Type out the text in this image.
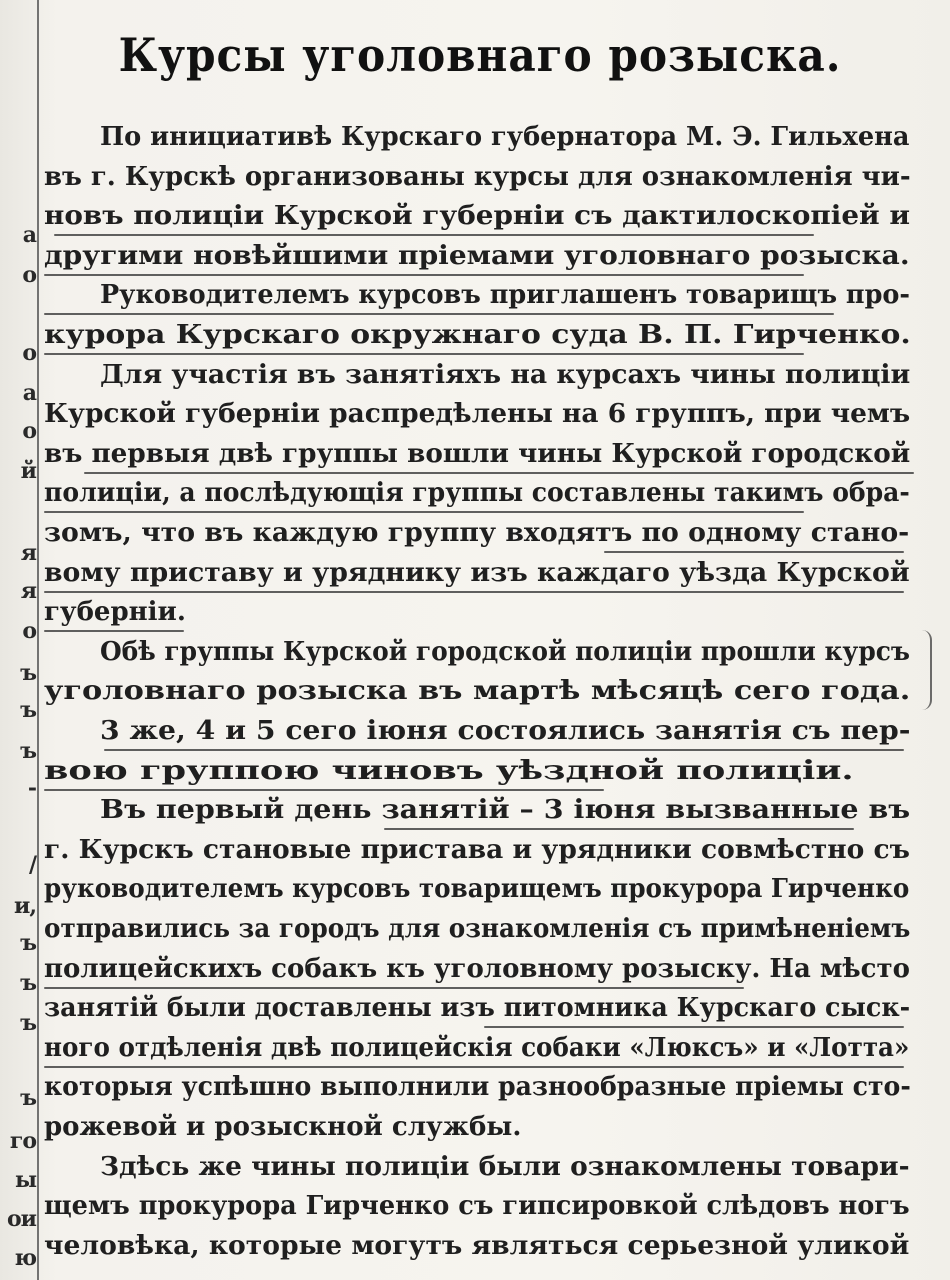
а
о
о
а
о
й
я
я
о
ъ
ъ
ъ
-
/
и,
ъ
ъ
ъ
ъ
го
ы
ои
ю
Курсы уголовнаго розыска.
По инициативѣ Курскаго губернатора М. Э. Гильхена
въ г. Курскѣ организованы курсы для ознакомленія чи-
новъ полиціи Курской губерніи съ дактилоскопіей и
другими новѣйшими пріемами уголовнаго розыска.
Руководителемъ курсовъ приглашенъ товарищъ про-
курора Курскаго окружнаго суда В. П. Гирченко.
Для участія въ занятіяхъ на курсахъ чины полиціи
Курской губерніи распредѣлены на 6 группъ, при чемъ
въ первыя двѣ группы вошли чины Курской городской
полиціи, а послѣдующія группы составлены такимъ обра-
зомъ, что въ каждую группу входятъ по одному стано-
вому приставу и уряднику изъ каждаго уѣзда Курской
губерніи.
Обѣ группы Курской городской полиціи прошли курсъ
уголовнаго розыска въ мартѣ мѣсяцѣ сего года.
3 же, 4 и 5 сего іюня состоялись занятія съ пер-
вою группою чиновъ уѣздной полиціи.
Въ первый день занятій – 3 іюня вызванные въ
г. Курскъ становые пристава и урядники совмѣстно съ
руководителемъ курсовъ товарищемъ прокурора Гирченко
отправились за городъ для ознакомленія съ примѣненіемъ
полицейскихъ собакъ къ уголовному розыску. На мѣсто
занятій были доставлены изъ питомника Курскаго сыск-
ного отдѣленія двѣ полицейскія собаки «Люксъ» и «Лотта»
которыя успѣшно выполнили разнообразные пріемы сто-
рожевой и розыскной службы.
Здѣсь же чины полиціи были ознакомлены товари-
щемъ прокурора Гирченко съ гипсировкой слѣдовъ ногъ
человѣка, которые могутъ являться серьезной уликой
